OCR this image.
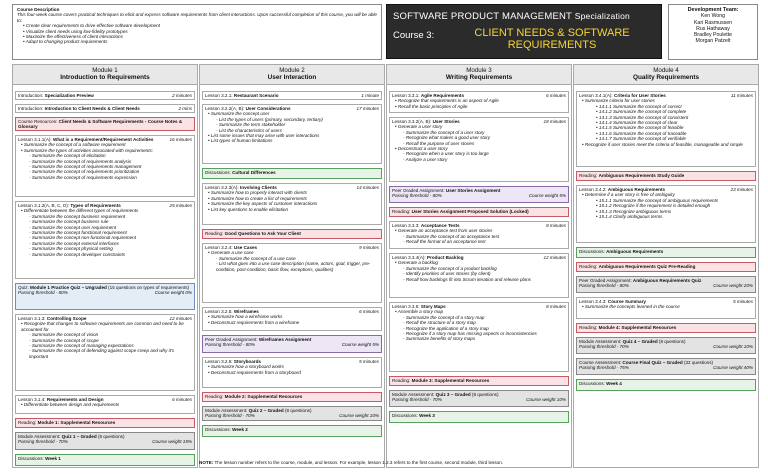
Course Description
This four-week course covers practical techniques to elicit and express software requirements from client interactions. Upon successful completion of this course, you will be able to:
• Create clear requirements to drive effective software development
• Visualize client needs using low-fidelity prototypes
• Maximize the effectiveness of client interactions
• Adapt to changing product requirements
SOFTWARE PRODUCT MANAGEMENT Specialization
Course 3:	CLIENT NEEDS & SOFTWARE REQUIREMENTS
Development Team:
Ken Wong
Kari Rasmussen
Rus Hathaway
Bradley Poulette
Morgan Patzelt
Module 1
Introduction to Requirements
Introduction: Specialization Preview	2 minutes
Introduction: Introduction to Client Needs & Client Needs	2 mins
Course Resources: Client Needs & Software Requirements - Course Notes & Glossary
Lesson 3.1.1(A): What is a Requirement/Requirement Activities	16 minutes
• Summarize the concept of a software requirement
• Summarize the types of activities associated with requirements:
- Summarize the concept of elicitation
- Summarize the concept of requirements analysis
- Summarize the concept of requirements management
- Summarize the concept of requirements prioritization
- Summarize the concept of requirements expression
Lesson 3.1.2(A, B, C, D): Types of Requirements	25 minutes
• Differentiate between the different types of requirements
- Summarize the concept business requirement
- Summarize the concept business rule
- Summarize the concept user requirement
- Summarize the concept functional requirement
- Summarize the concept non-functional requirement
- Summarize the concept external interfaces
- Summarize the concept physical setting
- Summarize the concept developer constraints
Quiz: Module 1 Practice Quiz – Ungraded (15 questions on types of requirements)
Passing threshold - 80%	Course weight 0%
Lesson 3.1.3: Controlling Scope	12 minutes
• Recognize that changes to software requirements are common and need to be accounted for
- Summarize the concept of vision
- Summarize the concept of scope
- Summarize the concept of managing expectations
- Summarize the concept of defending against scope creep and why it's important
Lesson 3.1.4: Requirements and Design	6 minutes
• Differentiate between design and requirements
Reading: Module 1: Supplemental Resources
Module Assessment: Quiz 1 – Graded (8 questions)
Passing threshold - 70%	Course weight 15%
Discussions: Week 1
Module 2
User Interaction
Lesson 3.2.1: Restaurant Scenario	1 minute
Lesson 3.2.2(A, B): User Considerations	17 minutes
• Summarize the concept user
- List the types of users (primary, secondary, tertiary)
- Summarize the term stakeholder
- List the characteristics of users
• List some issues that may arise with user interactions
• List types of human limitations
Discussions: Cultural Differences
Lesson 3.2.3(A): Involving Clients	14 minutes
• Summarize how to properly interact with clients
• Summarize how to create a list of requirements
• Summarize the key aspects of customer interactions
• List key questions to enable elicitation
Reading: Good Questions to Ask Your Client
Lesson 3.2.4: Use Cases	9 minutes
• Generate a use case
- Summarize the concept of a use case
- List what goes into a use case description (name, actors, goal, trigger, pre-condition, post-condition, basic flow, exceptions, qualities)
Lesson 3.2.5: Wireframes	6 minutes
• Summarize how a wireframe works
• Deconstruct requirements from a wireframe
Peer Graded Assignment: Wireframes Assignment
Passing threshold - 80%	Course weight 5%
Lesson 3.2.6: Storyboards	5 minutes
• Summarize how a storyboard works
• Deconstruct requirements from a storyboard
Reading: Module 2: Supplemental Resources
Module Assessment: Quiz 2 – Graded (8 questions)
Passing threshold - 70%	Course weight 10%
Discussions: Week 2
Module 3
Writing Requirements
Lesson 3.3.1: Agile Requirements	6 minutes
• Recognize that requirements is an aspect of Agile
• Recall the basic principles of Agile
Lesson 3.3.2(A, B): User Stories	18 minutes
• Generate a user story
- Summarize the concept of a user story
- Recognize what makes a good user story
- Recall the purpose of user stories
• Deconstruct a user story
- Recognize when a user story is too large
- Analyze a user story
Peer Graded Assignment: User Stories Assignment
Passing threshold - 80%	Course weight 5%
Reading: User Stories Assignment Proposed Solution (Locked)
Lesson 3.3.3: Acceptance Tests	8 minutes
• Generate an acceptance test from user stories
- Summarize the concept of an acceptance test
- Recall the format of an acceptance test
Lesson 3.3.4(A): Product Backlog	12 minutes
• Generate a backlog
- Summarize the concept of a product backlog
- Identify priorities of user stories (by client)
- Recall how backlogs fit into Scrum iteration and release plans
Lesson 3.3.5: Story Maps	8 minutes
• Assemble a story map
- Summarize the concept of a story map
- Recall the structure of a story map
- Recognize the application of a story map
- Recognize if a story map has missing aspects or inconsistencies
- Summarize benefits of story maps
Reading: Module 3: Supplemental Resources
Module Assessment: Quiz 3 – Graded (8 questions)
Passing threshold - 70%	Course weight 10%
Discussions: Week 3
Module 4
Quality Requirements
Lesson 3.4.1(A): Criteria for User Stories	11 minutes
• Summarize criteria for user stories
• 14.1.1 Summarize the concept of correct
• 14.1.2 Summarize the concept of complete
• 14.1.3 Summarize the concept of consistent
• 14.1.4 Summarize the concept of clear
• 14.1.5 Summarize the concept of feasible
• 14.1.6 Summarize the concept of traceable
• 14.1.7 Summarize the concept of verifiable
• Recognize if user stories meet the criteria of feasible, manageable and simple
Reading: Ambiguous Requirements Study Guide
Lesson 3.4.2: Ambiguous Requirements	23 minutes
• Determine if a user story is free of ambiguity
• 15.1.1 Summarize the concept of ambiguous requirements
• 15.1.2 Recognize if the requirement is detailed enough
• 15.1.3 Recognize ambiguous terms
• 15.1.4 Clarify ambiguous terms
Discussions: Ambiguous Requirements
Reading: Ambiguous Requirements Quiz Pre-Reading
Peer Graded Assignment: Ambiguous Requirements Quiz
Passing threshold - 80%	Course weight 20%
Lesson 3.4.3: Course Summary	5 minutes
• Summarize the concepts learned in the course
Reading: Module 4: Supplemental Resources
Module Assessment: Quiz 4 – Graded (8 questions)
Passing threshold - 70%	Course weight 10%
Course Assessment: Course Final Quiz – Graded (32 questions)
Passing threshold - 75%	Course weight 40%
Discussions: Week 4
NOTE: The lesson number refers to the course, module, and lesson. For example, lesson 1.2.3 refers to the first course, second module, third lesson.
